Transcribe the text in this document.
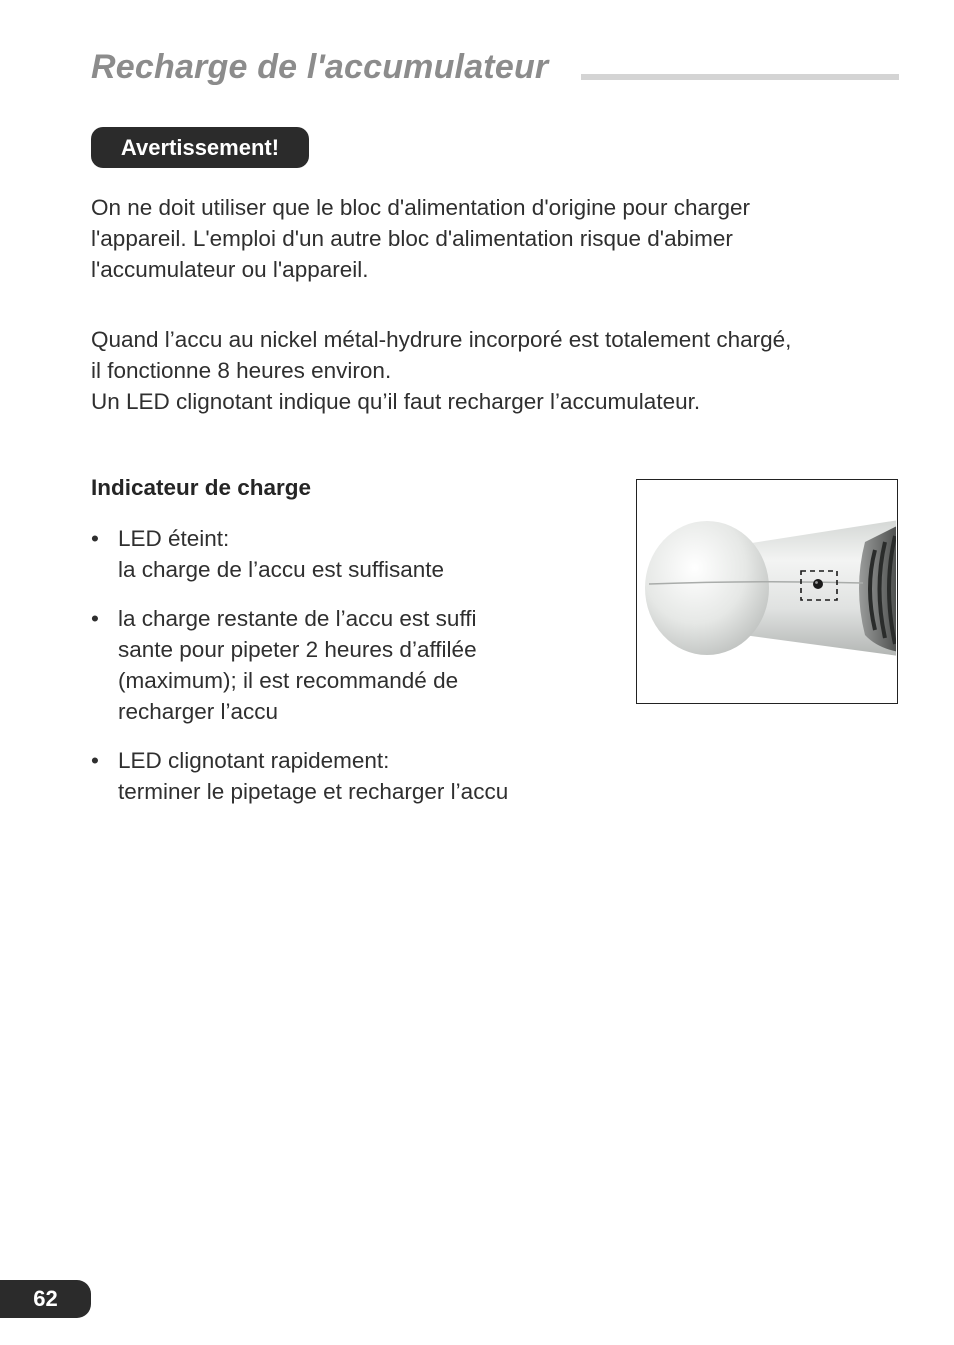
Recharge de l'accumulateur
Avertissement!

On ne doit utiliser que le bloc d'alimentation d'origine pour charger
l'appareil. L'emploi d'un autre bloc d'alimentation risque d'abimer
l'accumulateur ou l'appareil.

Quand l’accu au nickel métal-hydrure incorporé est totalement chargé,
il fonctionne 8 heures environ.
Un LED clignotant indique qu’il faut recharger l’accumulateur.

Indicateur de charge
• LED éteint:
la charge de l’accu est suffisante
• la charge restante de l’accu est suffi
sante pour pipeter 2 heures d’affilée
(maximum); il est recommandé de
recharger l’accu
• LED clignotant rapidement:
terminer le pipetage et recharger l’accu
62
